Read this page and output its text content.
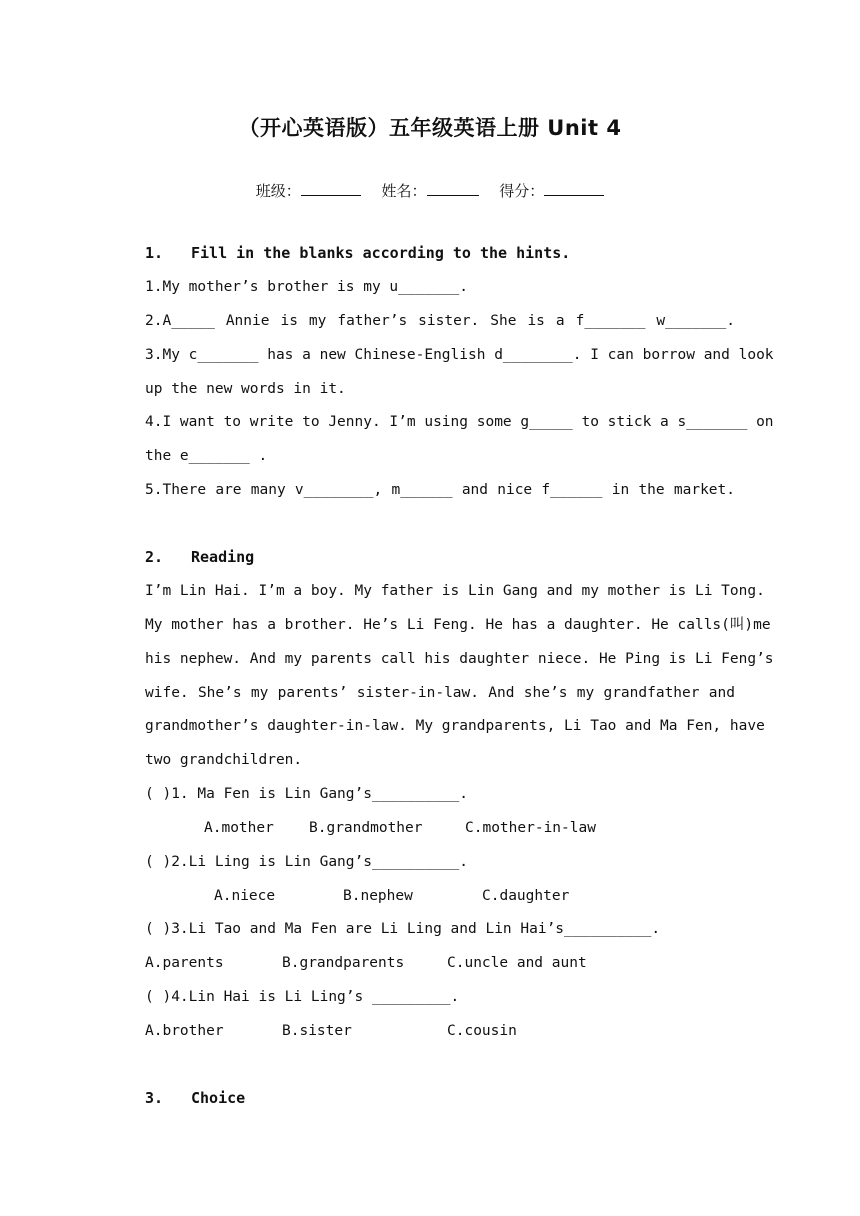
（开心英语版）五年级英语上册 Unit 4
班级：	姓名：	得分：
1. Fill in the blanks according to the hints.
1.My mother’s brother is my u_______.
2.A_____ Annie is my father’s sister. She is a f_______ w_______.
3.My c_______ has a new Chinese-English d________. I can borrow and look
up the new words in it.
4.I want to write to Jenny. I’m using some g_____ to stick a s_______ on
the e_______ .
5.There are many v________, m______ and nice f______ in the market.
2. Reading
I’m Lin Hai. I’m a boy. My father is Lin Gang and my mother is Li Tong.
My mother has a brother. He’s Li Feng. He has a daughter. He calls(叫)me
his nephew. And my parents call his daughter niece. He Ping is Li Feng’s
wife. She’s my parents’ sister-in-law. And she’s my grandfather and
grandmother’s daughter-in-law. My grandparents, Li Tao and Ma Fen, have
two grandchildren.
( )1. Ma Fen is Lin Gang’s__________.
A.mother B.grandmother	C.mother-in-law
( )2.Li Ling is Lin Gang’s__________.
A.niece	B.nephew	C.daughter
( )3.Li Tao and Ma Fen are Li Ling and Lin Hai’s__________.
A.parents	B.grandparents	C.uncle and aunt
( )4.Lin Hai is Li Ling’s _________.
A.brother	B.sister	C.cousin
3. Choice
